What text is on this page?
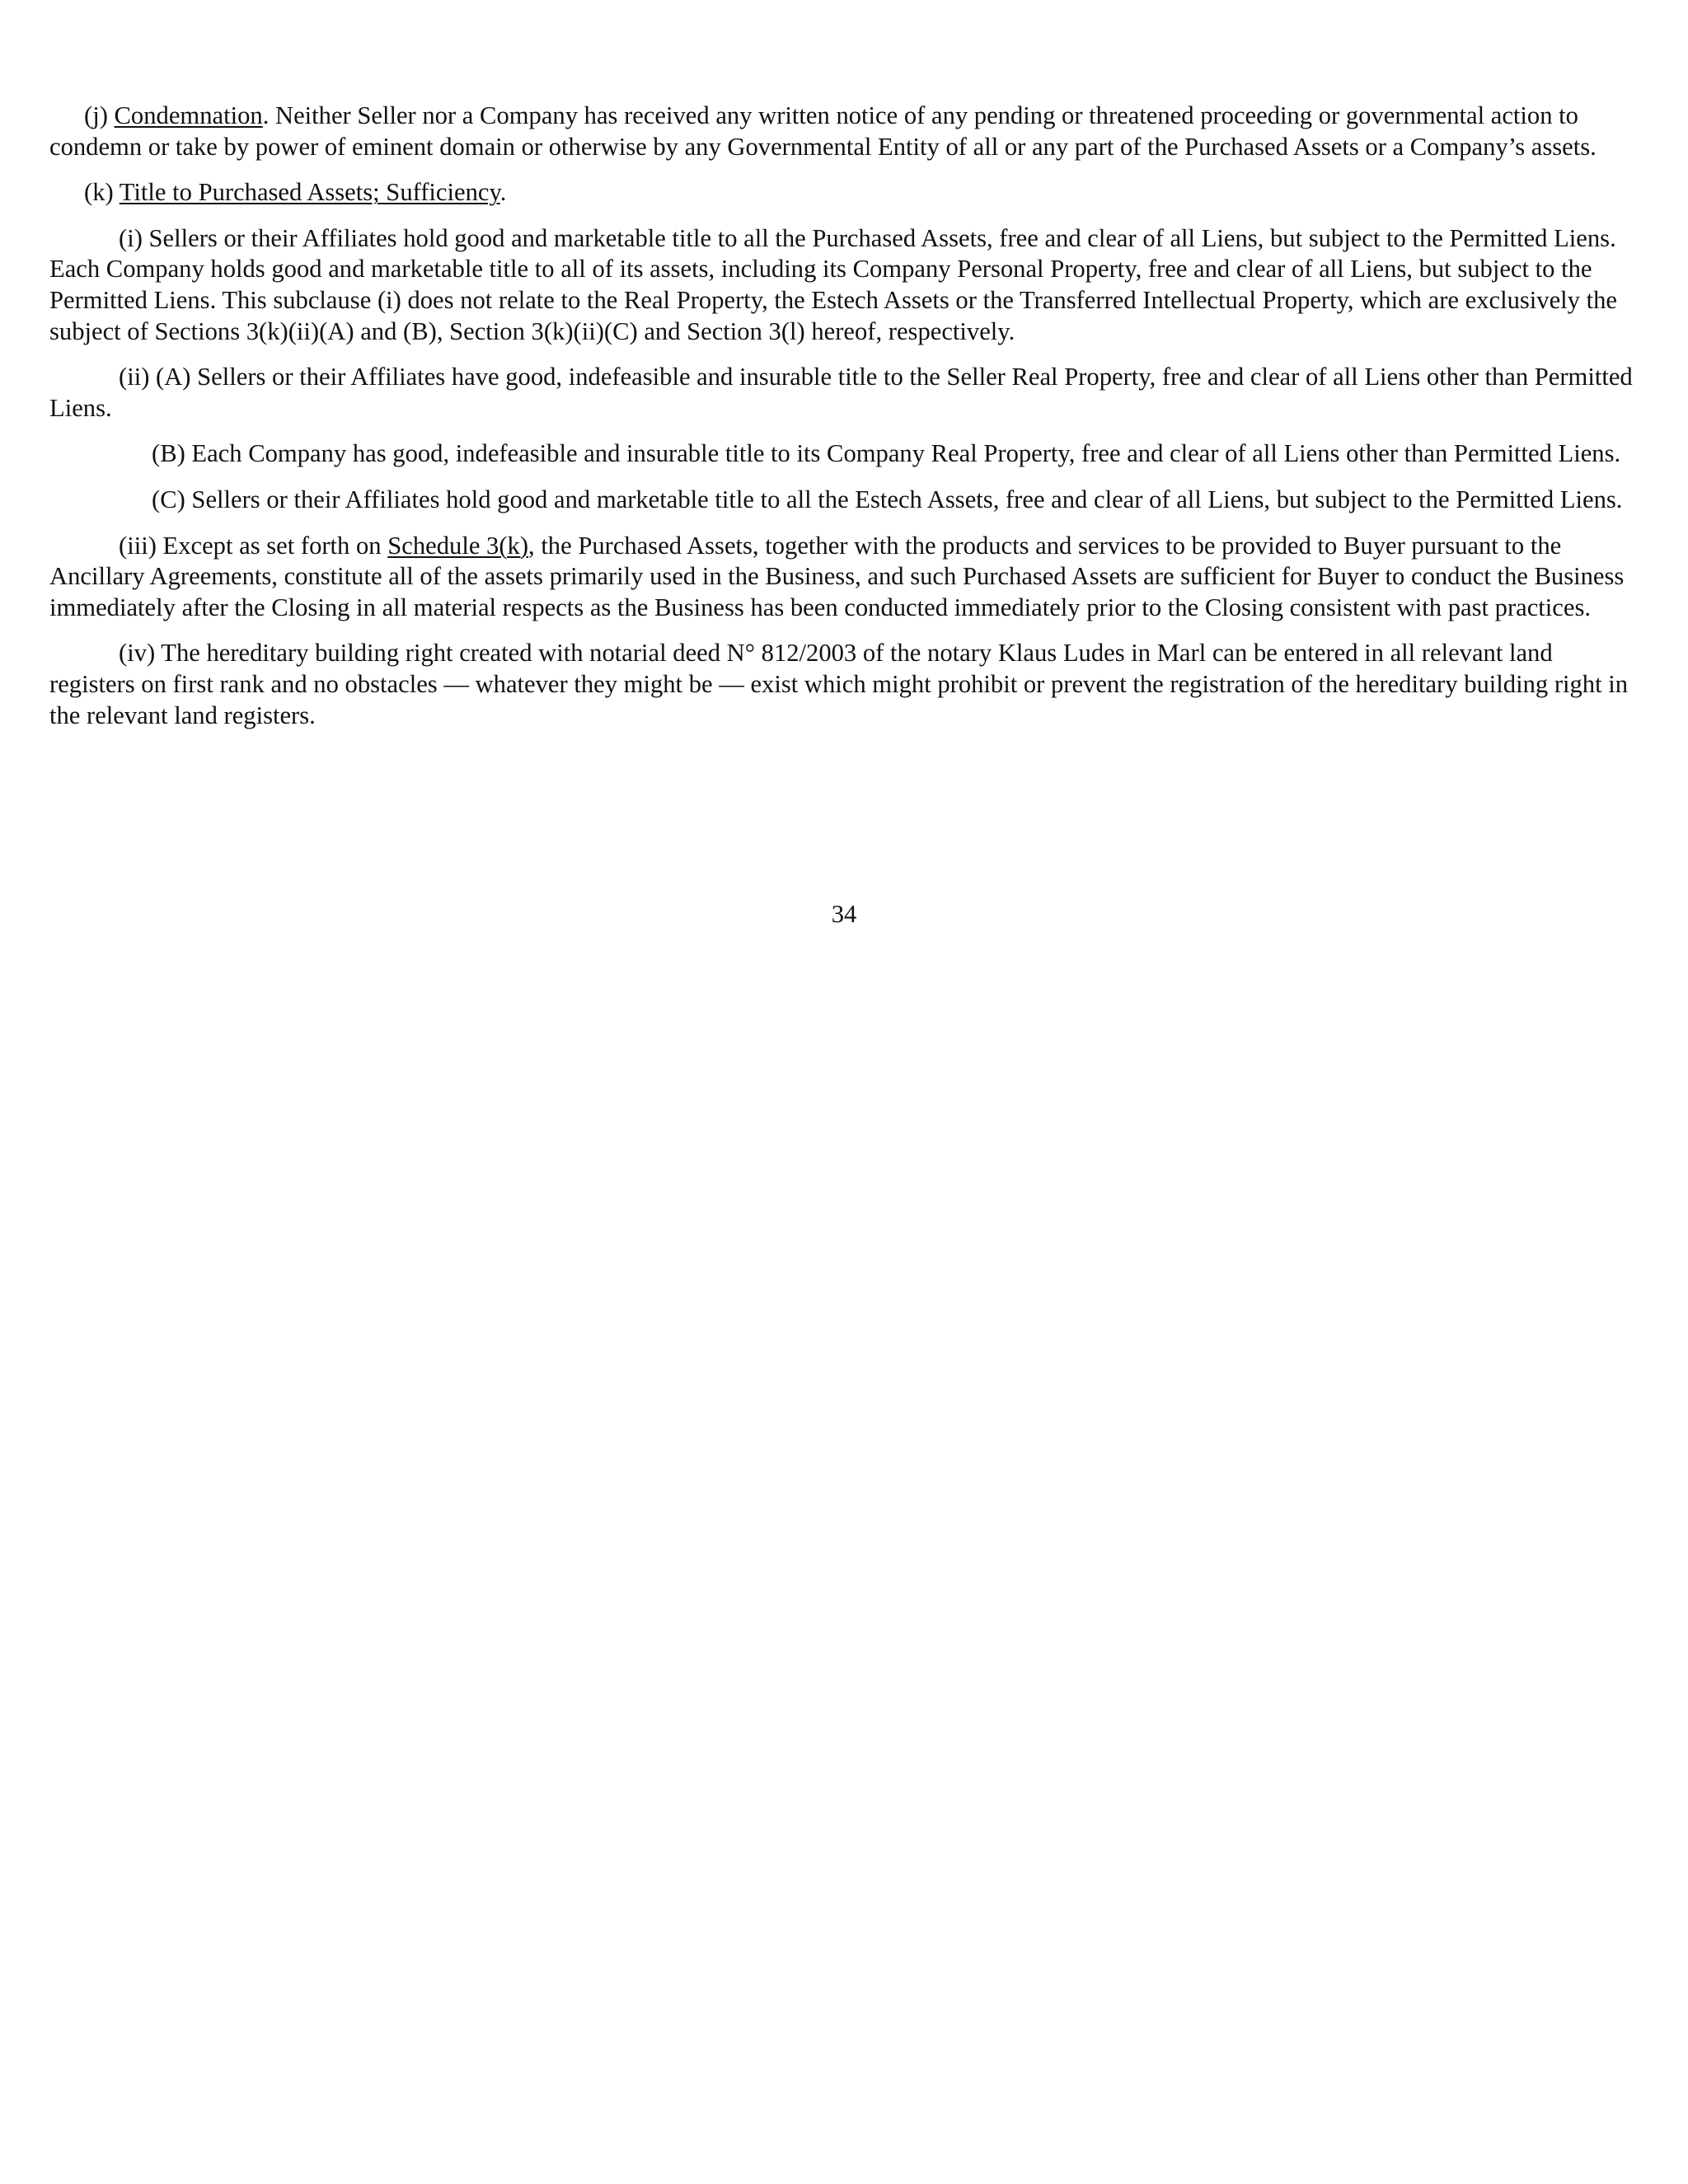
(j) Condemnation. Neither Seller nor a Company has received any written notice of any pending or threatened proceeding or governmental action to condemn or take by power of eminent domain or otherwise by any Governmental Entity of all or any part of the Purchased Assets or a Company’s assets.

(k) Title to Purchased Assets; Sufficiency.

(i) Sellers or their Affiliates hold good and marketable title to all the Purchased Assets, free and clear of all Liens, but subject to the Permitted Liens. Each Company holds good and marketable title to all of its assets, including its Company Personal Property, free and clear of all Liens, but subject to the Permitted Liens. This subclause (i) does not relate to the Real Property, the Estech Assets or the Transferred Intellectual Property, which are exclusively the subject of Sections 3(k)(ii)(A) and (B), Section 3(k)(ii)(C) and Section 3(l) hereof, respectively.

(ii) (A) Sellers or their Affiliates have good, indefeasible and insurable title to the Seller Real Property, free and clear of all Liens other than Permitted Liens.

(B) Each Company has good, indefeasible and insurable title to its Company Real Property, free and clear of all Liens other than Permitted Liens.

(C) Sellers or their Affiliates hold good and marketable title to all the Estech Assets, free and clear of all Liens, but subject to the Permitted Liens.

(iii) Except as set forth on Schedule 3(k), the Purchased Assets, together with the products and services to be provided to Buyer pursuant to the Ancillary Agreements, constitute all of the assets primarily used in the Business, and such Purchased Assets are sufficient for Buyer to conduct the Business immediately after the Closing in all material respects as the Business has been conducted immediately prior to the Closing consistent with past practices.

(iv) The hereditary building right created with notarial deed N° 812/2003 of the notary Klaus Ludes in Marl can be entered in all relevant land registers on first rank and no obstacles — whatever they might be — exist which might prohibit or prevent the registration of the hereditary building right in the relevant land registers.

34
